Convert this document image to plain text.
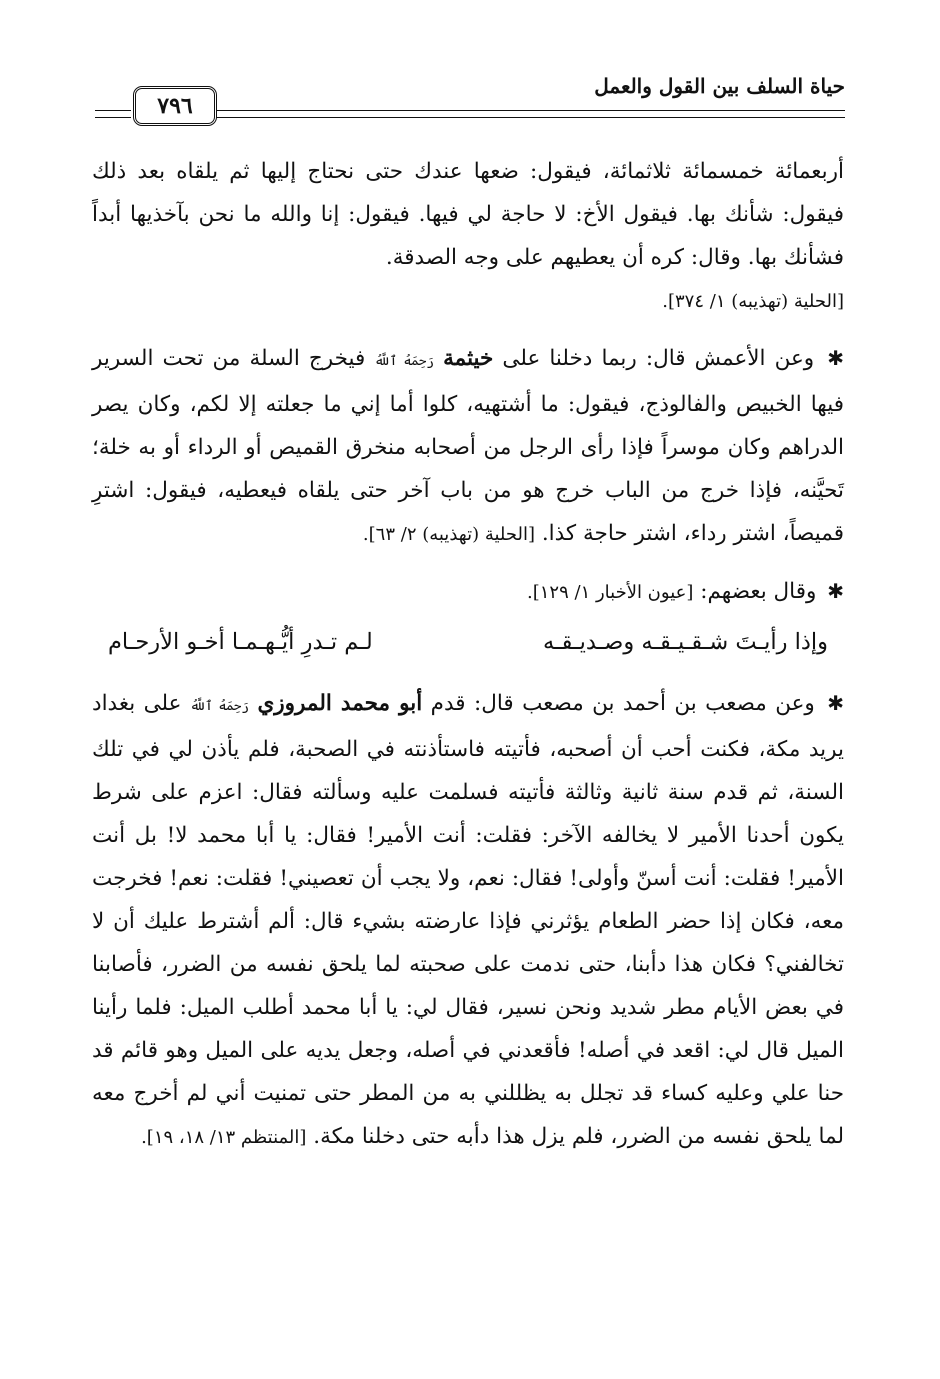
حياة السلف بين القول والعمل
٧٩٦

أربعمائة خمسمائة ثلاثمائة، فيقول: ضعها عندك حتى نحتاج إليها ثم يلقاه بعد ذلك فيقول: شأنك بها. فيقول الأخ: لا حاجة لي فيها. فيقول: إنا والله ما نحن بآخذيها أبداً فشأنك بها. وقال: كره أن يعطيهم على وجه الصدقة.
[الحلية (تهذيبه) ١/ ٣٧٤].

✱ وعن الأعمش قال: ربما دخلنا على خيثمة رَحِمَهُ ٱللَّهُ فيخرج السلة من تحت السرير فيها الخبيص والفالوذج، فيقول: ما أشتهيه، كلوا أما إني ما جعلته إلا لكم، وكان يصر الدراهم وكان موسراً فإذا رأى الرجل من أصحابه منخرق القميص أو الرداء أو به خلة؛ تَحيَّنه، فإذا خرج من الباب خرج هو من باب آخر حتى يلقاه فيعطيه، فيقول: اشترِ قميصاً، اشتر رداء، اشتر حاجة كذا. [الحلية (تهذيبه) ٢/ ٦٣].

✱ وقال بعضهم: [عيون الأخبار ١/ ١٢٩].

وإذا رأيـتَ شـقـيـقـه وصـديـقـه
لـم تـدرِ أيُّـهـمـا أخـو الأرحـام

✱ وعن مصعب بن أحمد بن مصعب قال: قدم أبو محمد المروزي رَحِمَهُ ٱللَّهُ على بغداد يريد مكة، فكنت أحب أن أصحبه، فأتيته فاستأذنته في الصحبة، فلم يأذن لي في تلك السنة، ثم قدم سنة ثانية وثالثة فأتيته فسلمت عليه وسألته فقال: اعزم على شرط يكون أحدنا الأمير لا يخالفه الآخر: فقلت: أنت الأمير! فقال: يا أبا محمد لا! بل أنت الأمير! فقلت: أنت أسنّ وأولى! فقال: نعم، ولا يجب أن تعصيني! فقلت: نعم! فخرجت معه، فكان إذا حضر الطعام يؤثرني فإذا عارضته بشيء قال: ألم أشترط عليك أن لا تخالفني؟ فكان هذا دأبنا، حتى ندمت على صحبته لما يلحق نفسه من الضرر، فأصابنا في بعض الأيام مطر شديد ونحن نسير، فقال لي: يا أبا محمد أطلب الميل: فلما رأينا الميل قال لي: اقعد في أصله! فأقعدني في أصله، وجعل يديه على الميل وهو قائم قد حنا علي وعليه كساء قد تجلل به يظللني به من المطر حتى تمنيت أني لم أخرج معه لما يلحق نفسه من الضرر، فلم يزل هذا دأبه حتى دخلنا مكة. [المنتظم ١٣/ ١٨، ١٩].
